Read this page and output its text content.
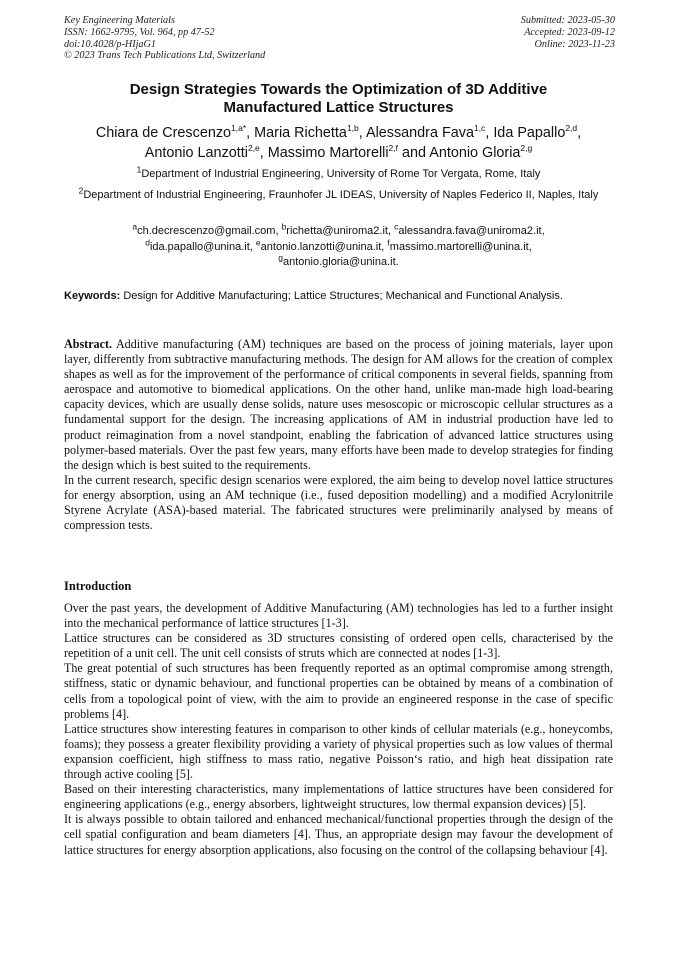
Key Engineering Materials
ISSN: 1662-9795, Vol. 964, pp 47-52
doi:10.4028/p-HIjaG1
© 2023 Trans Tech Publications Ltd, Switzerland
Submitted: 2023-05-30
Accepted: 2023-09-12
Online: 2023-11-23
Design Strategies Towards the Optimization of 3D Additive
Manufactured Lattice Structures
Chiara de Crescenzo$^{1,a*}$, Maria Richetta$^{1,b}$, Alessandra Fava$^{1,c}$, Ida Papallo$^{2,d}$,
Antonio Lanzotti$^{2,e}$, Massimo Martorelli$^{2,f}$ and Antonio Gloria$^{2,g}$
$^1$Department of Industrial Engineering, University of Rome Tor Vergata, Rome, Italy
$^2$Department of Industrial Engineering, Fraunhofer JL IDEAS, University of Naples Federico II, Naples, Italy
$^a$ch.decrescenzo@gmail.com, $^b$richetta@uniroma2.it, $^c$alessandra.fava@uniroma2.it,
$^d$ida.papallo@unina.it, $^e$antonio.lanzotti@unina.it, $^f$massimo.martorelli@unina.it,
$^g$antonio.gloria@unina.it.
Keywords: Design for Additive Manufacturing; Lattice Structures; Mechanical and Functional Analysis.

Abstract. Additive manufacturing (AM) techniques are based on the process of joining materials, layer upon layer, differently from subtractive manufacturing methods. The design for AM allows for the creation of complex shapes as well as for the improvement of the performance of critical components in several fields, spanning from aerospace and automotive to biomedical applications. On the other hand, unlike man-made high load-bearing capacity devices, which are usually dense solids, nature uses mesoscopic or microscopic cellular structures as a fundamental support for the design. The increasing applications of AM in industrial production have led to product reimagination from a novel standpoint, enabling the fabrication of advanced lattice structures using polymer-based materials. Over the past few years, many efforts have been made to develop strategies for finding the design which is best suited to the requirements.

In the current research, specific design scenarios were explored, the aim being to develop novel lattice structures for energy absorption, using an AM technique (i.e., fused deposition modelling) and a modified Acrylonitrile Styrene Acrylate (ASA)-based material. The fabricated structures were preliminarily analysed by means of compression tests.

Introduction

Over the past years, the development of Additive Manufacturing (AM) technologies has led to a further insight into the mechanical performance of lattice structures [1-3].

Lattice structures can be considered as 3D structures consisting of ordered open cells, characterised by the repetition of a unit cell. The unit cell consists of struts which are connected at nodes [1-3].

The great potential of such structures has been frequently reported as an optimal compromise among strength, stiffness, static or dynamic behaviour, and functional properties can be obtained by means of a combination of cells from a topological point of view, with the aim to provide an engineered response in the case of specific problems [4].

Lattice structures show interesting features in comparison to other kinds of cellular materials (e.g., honeycombs, foams); they possess a greater flexibility providing a variety of physical properties such as low values of thermal expansion coefficient, high stiffness to mass ratio, negative Poisson‘s ratio, and high heat dissipation rate through active cooling [5].

Based on their interesting characteristics, many implementations of lattice structures have been considered for engineering applications (e.g., energy absorbers, lightweight structures, low thermal expansion devices) [5].

It is always possible to obtain tailored and enhanced mechanical/functional properties through the design of the cell spatial configuration and beam diameters [4]. Thus, an appropriate design may favour the development of lattice structures for energy absorption applications, also focusing on the control of the collapsing behaviour [4].
